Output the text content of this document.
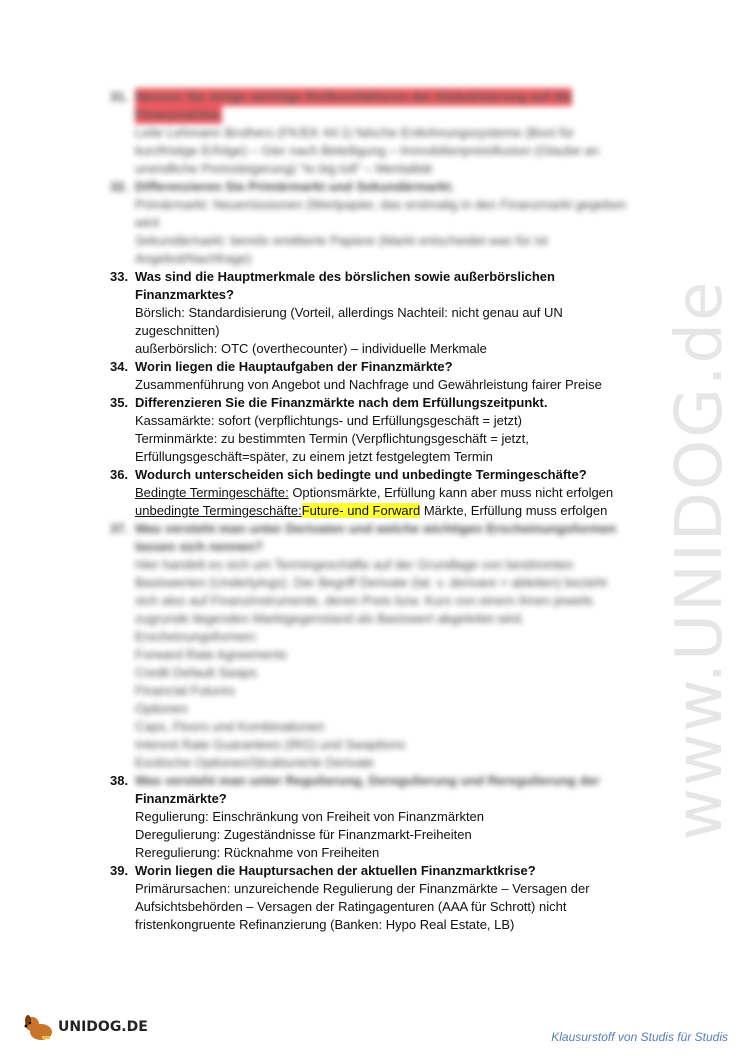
www.UNIDOG.de
31. Nennen Sie einige wichtige Einflussfaktoren der Globalisierung auf die
Finanzmärkte.
Leite Lehmann Brothers (FK/EK 44:1) falsche Entlohnungssysteme (Boni für
kurzfristige Erfolge) – Gier nach Beteiligung – Immobilienpreisillusion (Glaube an
unendliche Preissteigerung) "to big toll" – Mentalität
32. Differenzieren Sie Primärmarkt und Sekundärmarkt.
Primärmarkt: Neuemissionen (Wertpapier, das erstmalig in den Finanzmarkt gegeben
wird
Sekundärmarkt: bereits emittierte Papiere (Markt entscheidet was für ist
Angebot/Nachfrage)
33. Was sind die Hauptmerkmale des börslichen sowie außerbörslichen
Finanzmarktes?
Börslich: Standardisierung (Vorteil, allerdings Nachteil: nicht genau auf UN
zugeschnitten)
außerbörslich: OTC (overthecounter) – individuelle Merkmale
34. Worin liegen die Hauptaufgaben der Finanzmärkte?
Zusammenführung von Angebot und Nachfrage und Gewährleistung fairer Preise
35. Differenzieren Sie die Finanzmärkte nach dem Erfüllungszeitpunkt.
Kassamärkte: sofort (verpflichtungs- und Erfüllungsgeschäft = jetzt)
Terminmärkte: zu bestimmten Termin (Verpflichtungsgeschäft = jetzt,
Erfüllungsgeschäft=später, zu einem jetzt festgelegtem Termin
36. Wodurch unterscheiden sich bedingte und unbedingte Termingeschäfte?
Bedingte Termingeschäfte: Optionsmärkte, Erfüllung kann aber muss nicht erfolgen
unbedingte Termingeschäfte:Future- und Forward Märkte, Erfüllung muss erfolgen
37. Was versteht man unter Derivaten und welche wichtigen Erscheinungsformen
lassen sich nennen?
Hier handelt es sich um Termingeschäfte auf der Grundlage von bestimmten
Basiswerten (Underlyings). Der Begriff Derivate (lat. v. derivare = ableiten) bezieht
sich also auf Finanzinstrumente, deren Preis bzw. Kurs von einem ihnen jeweils
zugrunde liegenden Marktgegenstand als Basiswert abgeleitet wird.
Erscheinungsformen:
Forward Rate Agreements
Credit Default Swaps
Financial Futures
Optionen
Caps, Floors und Kombinationen
Interest Rate Guarantees (IRG) und Swaptions
Exotische Optionen/Strukturierte Derivate
38. Was versteht man unter Regulierung, Deregulierung und Reregulierung der
Finanzmärkte?
Regulierung: Einschränkung von Freiheit von Finanzmärkten
Deregulierung: Zugeständnisse für Finanzmarkt-Freiheiten
Reregulierung: Rücknahme von Freiheiten
39. Worin liegen die Hauptursachen der aktuellen Finanzmarktkrise?
Primärursachen: unzureichende Regulierung der Finanzmärkte – Versagen der
Aufsichtsbehörden – Versagen der Ratingagenturen (AAA für Schrott) nicht
fristenkongruente Refinanzierung (Banken: Hypo Real Estate, LB)
UNIDOG.DE
Klausurstoff von Studis für Studis
